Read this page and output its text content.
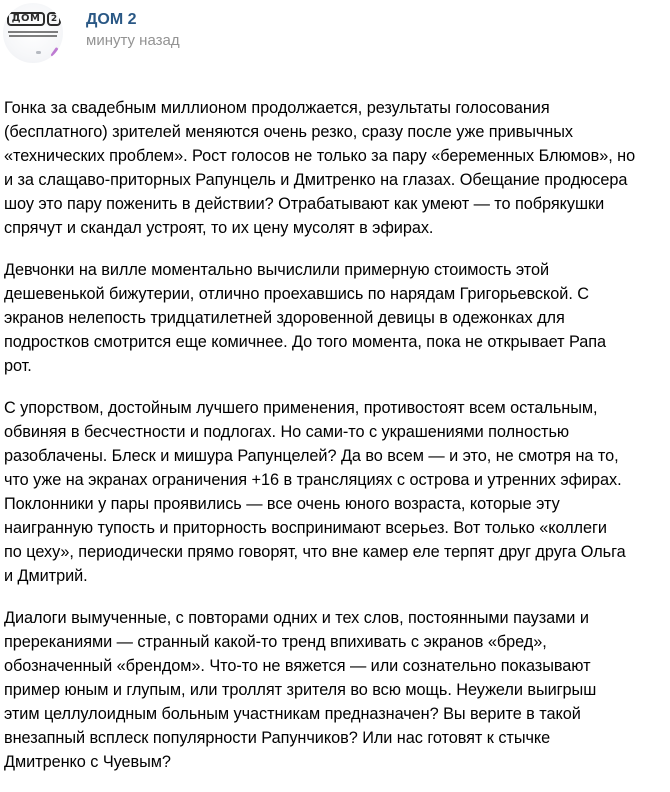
ДОМ	2 ДОМ 2
минуту назад

Гонка за свадебным миллионом продолжается, результаты голосования
(бесплатного) зрителей меняются очень резко, сразу после уже привычных
«технических проблем». Рост голосов не только за пару «беременных Блюмов», но
и за слащаво-приторных Рапунцель и Дмитренко на глазах. Обещание продюсера
шоу это пару поженить в действии? Отрабатывают как умеют — то побрякушки
спрячут и скандал устроят, то их цену мусолят в эфирах.

Девчонки на вилле моментально вычислили примерную стоимость этой
дешевенькой бижутерии, отлично проехавшись по нарядам Григорьевской. С
экранов нелепость тридцатилетней здоровенной девицы в одежонках для
подростков смотрится еще комичнее. До того момента, пока не открывает Рапа
рот.

С упорством, достойным лучшего применения, противостоят всем остальным,
обвиняя в бесчестности и подлогах. Но сами-то с украшениями полностью
разоблачены. Блеск и мишура Рапунцелей? Да во всем — и это, не смотря на то,
что уже на экранах ограничения +16 в трансляциях с острова и утренних эфирах.
Поклонники у пары проявились — все очень юного возраста, которые эту
наигранную тупость и приторность воспринимают всерьез. Вот только «коллеги
по цеху», периодически прямо говорят, что вне камер еле терпят друг друга Ольга
и Дмитрий.

Диалоги вымученные, с повторами одних и тех слов, постоянными паузами и
пререканиями — странный какой-то тренд впихивать с экранов «бред»,
обозначенный «брендом». Что-то не вяжется — или сознательно показывают
пример юным и глупым, или троллят зрителя во всю мощь. Неужели выигрыш
этим целлулоидным больным участникам предназначен? Вы верите в такой
внезапный всплеск популярности Рапунчиков? Или нас готовят к стычке
Дмитренко с Чуевым?
